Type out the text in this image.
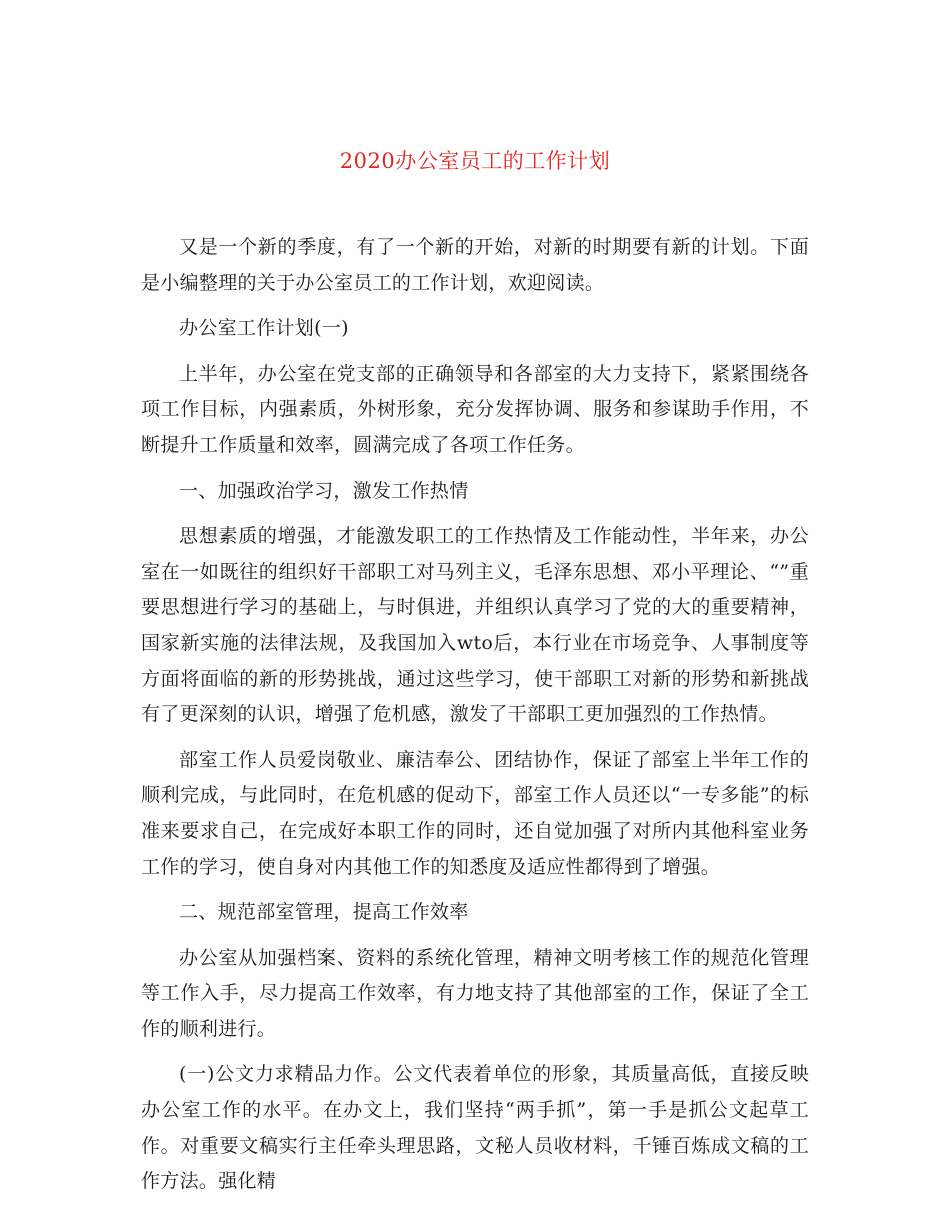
2020办公室员工的工作计划

又是一个新的季度，有了一个新的开始，对新的时期要有新的计划。下面是小编整理的关于办公室员工的工作计划，欢迎阅读。

办公室工作计划(一)

上半年，办公室在党支部的正确领导和各部室的大力支持下，紧紧围绕各项工作目标，内强素质，外树形象，充分发挥协调、服务和参谋助手作用，不断提升工作质量和效率，圆满完成了各项工作任务。

一、加强政治学习，激发工作热情

思想素质的增强，才能激发职工的工作热情及工作能动性，半年来，办公室在一如既往的组织好干部职工对马列主义，毛泽东思想、邓小平理论、“”重要思想进行学习的基础上，与时俱进，并组织认真学习了党的大的重要精神，国家新实施的法律法规，及我国加入wto后，本行业在市场竞争、人事制度等方面将面临的新的形势挑战，通过这些学习，使干部职工对新的形势和新挑战有了更深刻的认识，增强了危机感，激发了干部职工更加强烈的工作热情。

部室工作人员爱岗敬业、廉洁奉公、团结协作，保证了部室上半年工作的顺利完成，与此同时，在危机感的促动下，部室工作人员还以“一专多能”的标准来要求自己，在完成好本职工作的同时，还自觉加强了对所内其他科室业务工作的学习，使自身对内其他工作的知悉度及适应性都得到了增强。

二、规范部室管理，提高工作效率

办公室从加强档案、资料的系统化管理，精神文明考核工作的规范化管理等工作入手，尽力提高工作效率，有力地支持了其他部室的工作，保证了全工作的顺利进行。

(一)公文力求精品力作。公文代表着单位的形象，其质量高低，直接反映办公室工作的水平。在办文上，我们坚持“两手抓”，第一手是抓公文起草工作。对重要文稿实行主任牵头理思路，文秘人员收材料，千锤百炼成文稿的工作方法。强化精
